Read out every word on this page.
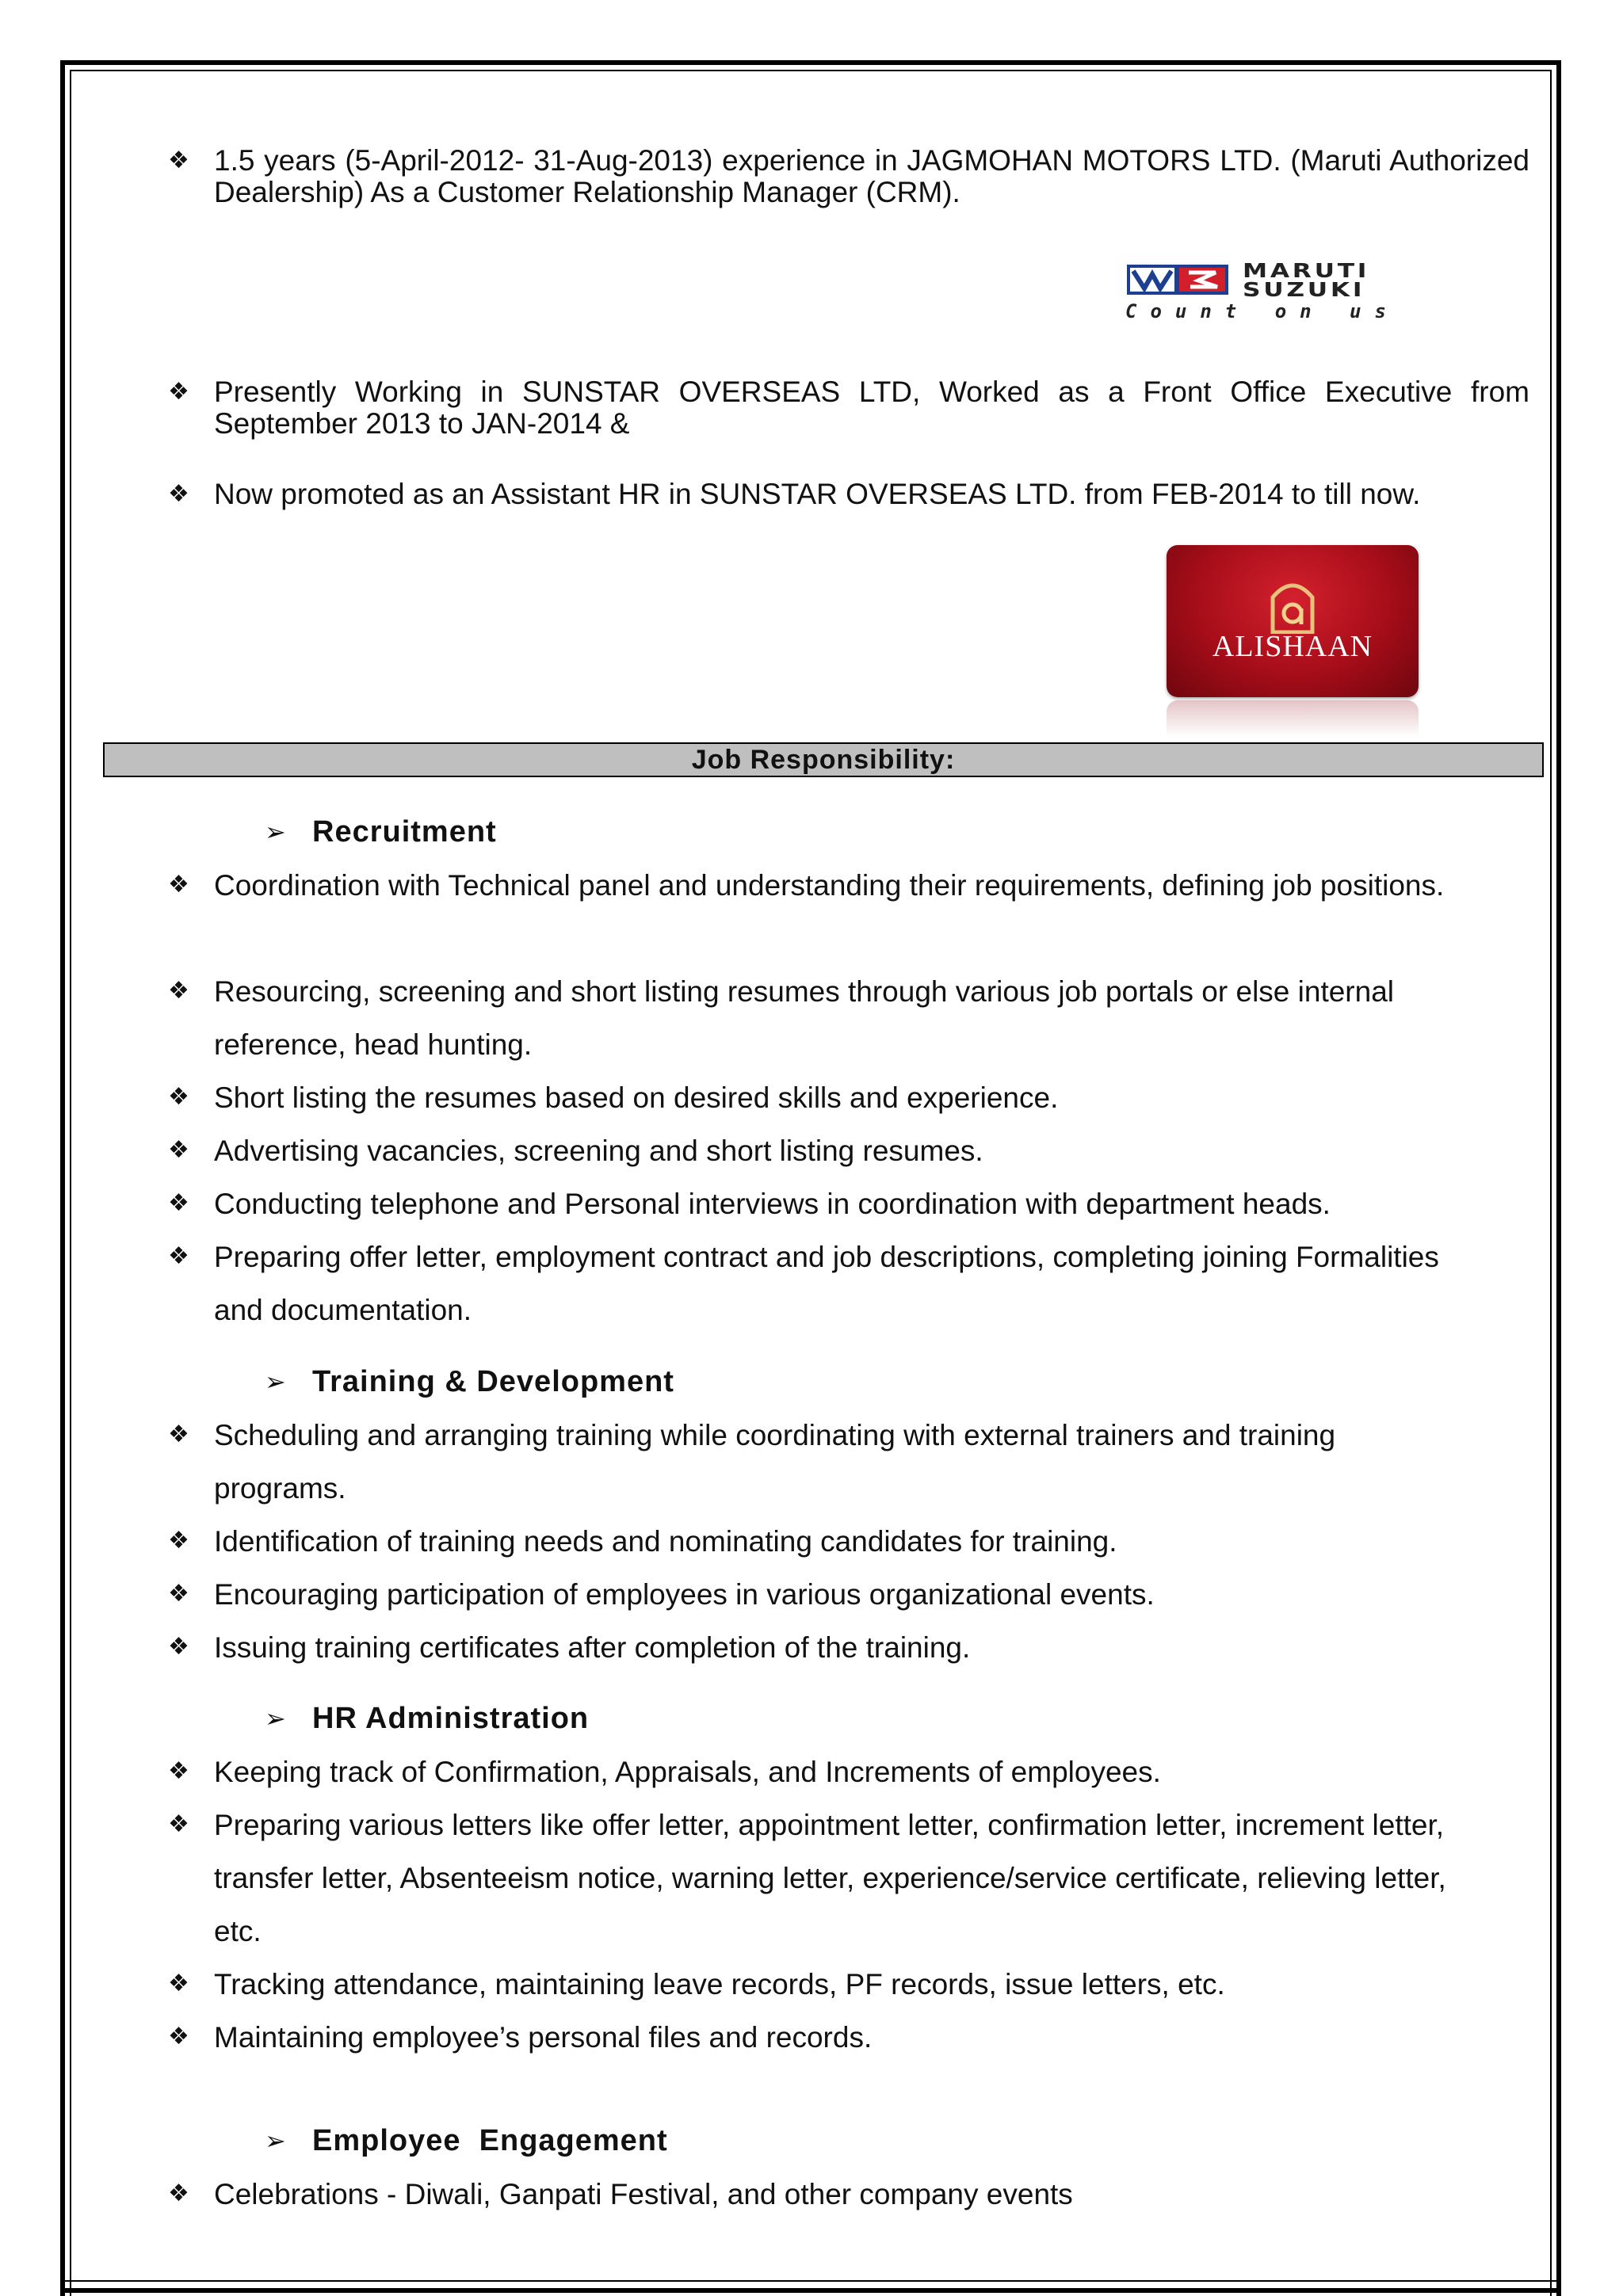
❖ 1.5 years (5-April-2012- 31-Aug-2013) experience in JAGMOHAN MOTORS LTD. (Maruti Authorized Dealership) As a Customer Relationship Manager (CRM).
MARUTI
SUZUKI
Count on us
❖ Presently Working in SUNSTAR OVERSEAS LTD, Worked as a Front Office Executive from September 2013 to JAN-2014 &
❖ Now promoted as an Assistant HR in SUNSTAR OVERSEAS LTD. from FEB-2014 to till now.
ALISHAAN
Job Responsibility:
➢ Recruitment
❖ Coordination with Technical panel and understanding their requirements, defining job positions.
❖ Resourcing, screening and short listing resumes through various job portals or else internal reference, head hunting.
❖ Short listing the resumes based on desired skills and experience.
❖ Advertising vacancies, screening and short listing resumes.
❖ Conducting telephone and Personal interviews in coordination with department heads.
❖ Preparing offer letter, employment contract and job descriptions, completing joining Formalities and documentation.
➢ Training & Development
❖ Scheduling and arranging training while coordinating with external trainers and training programs.
❖ Identification of training needs and nominating candidates for training.
❖ Encouraging participation of employees in various organizational events.
❖ Issuing training certificates after completion of the training.
➢ HR Administration
❖ Keeping track of Confirmation, Appraisals, and Increments of employees.
❖ Preparing various letters like offer letter, appointment letter, confirmation letter, increment letter, transfer letter, Absenteeism notice, warning letter, experience/service certificate, relieving letter, etc.
❖ Tracking attendance, maintaining leave records, PF records, issue letters, etc.
❖ Maintaining employee’s personal files and records.
➢ Employee  Engagement
❖ Celebrations - Diwali, Ganpati Festival, and other company events
